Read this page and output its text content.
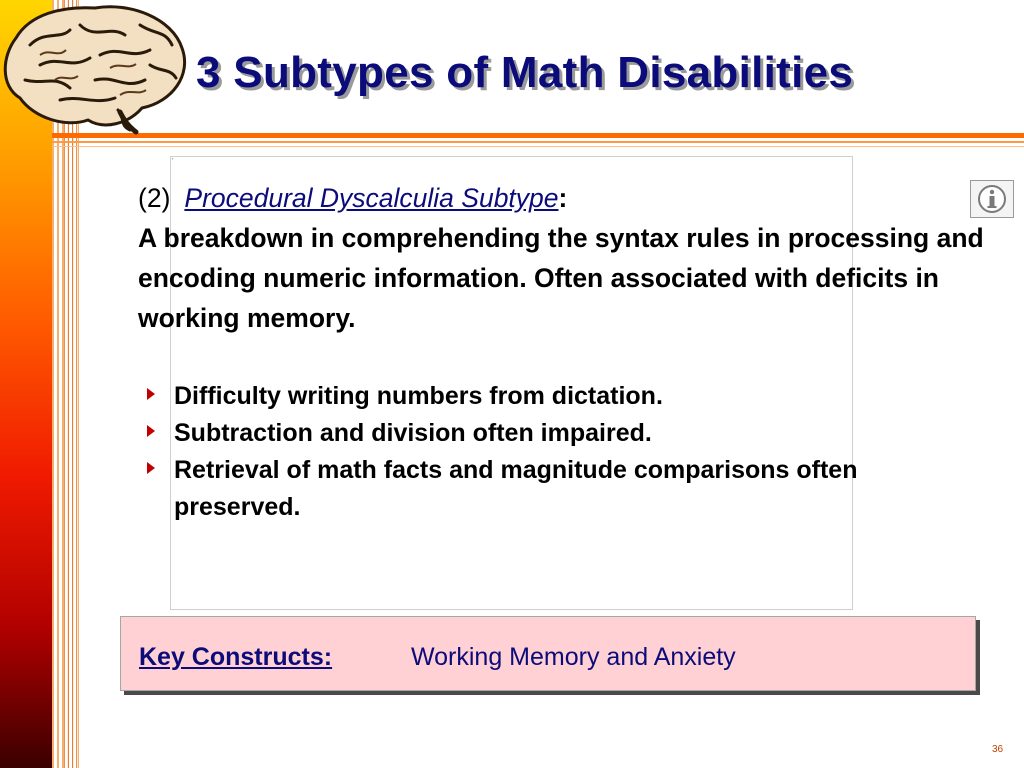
3 Subtypes of Math Disabilities
▪
(2) Procedural Dyscalculia Subtype:
A breakdown in comprehending the syntax rules in processing and encoding numeric information. Often associated with deficits in working memory.
Difficulty writing numbers from dictation.
Subtraction and division often impaired.
Retrieval of math facts and magnitude comparisons often preserved.
Key Constructs:	Working Memory and Anxiety
36
